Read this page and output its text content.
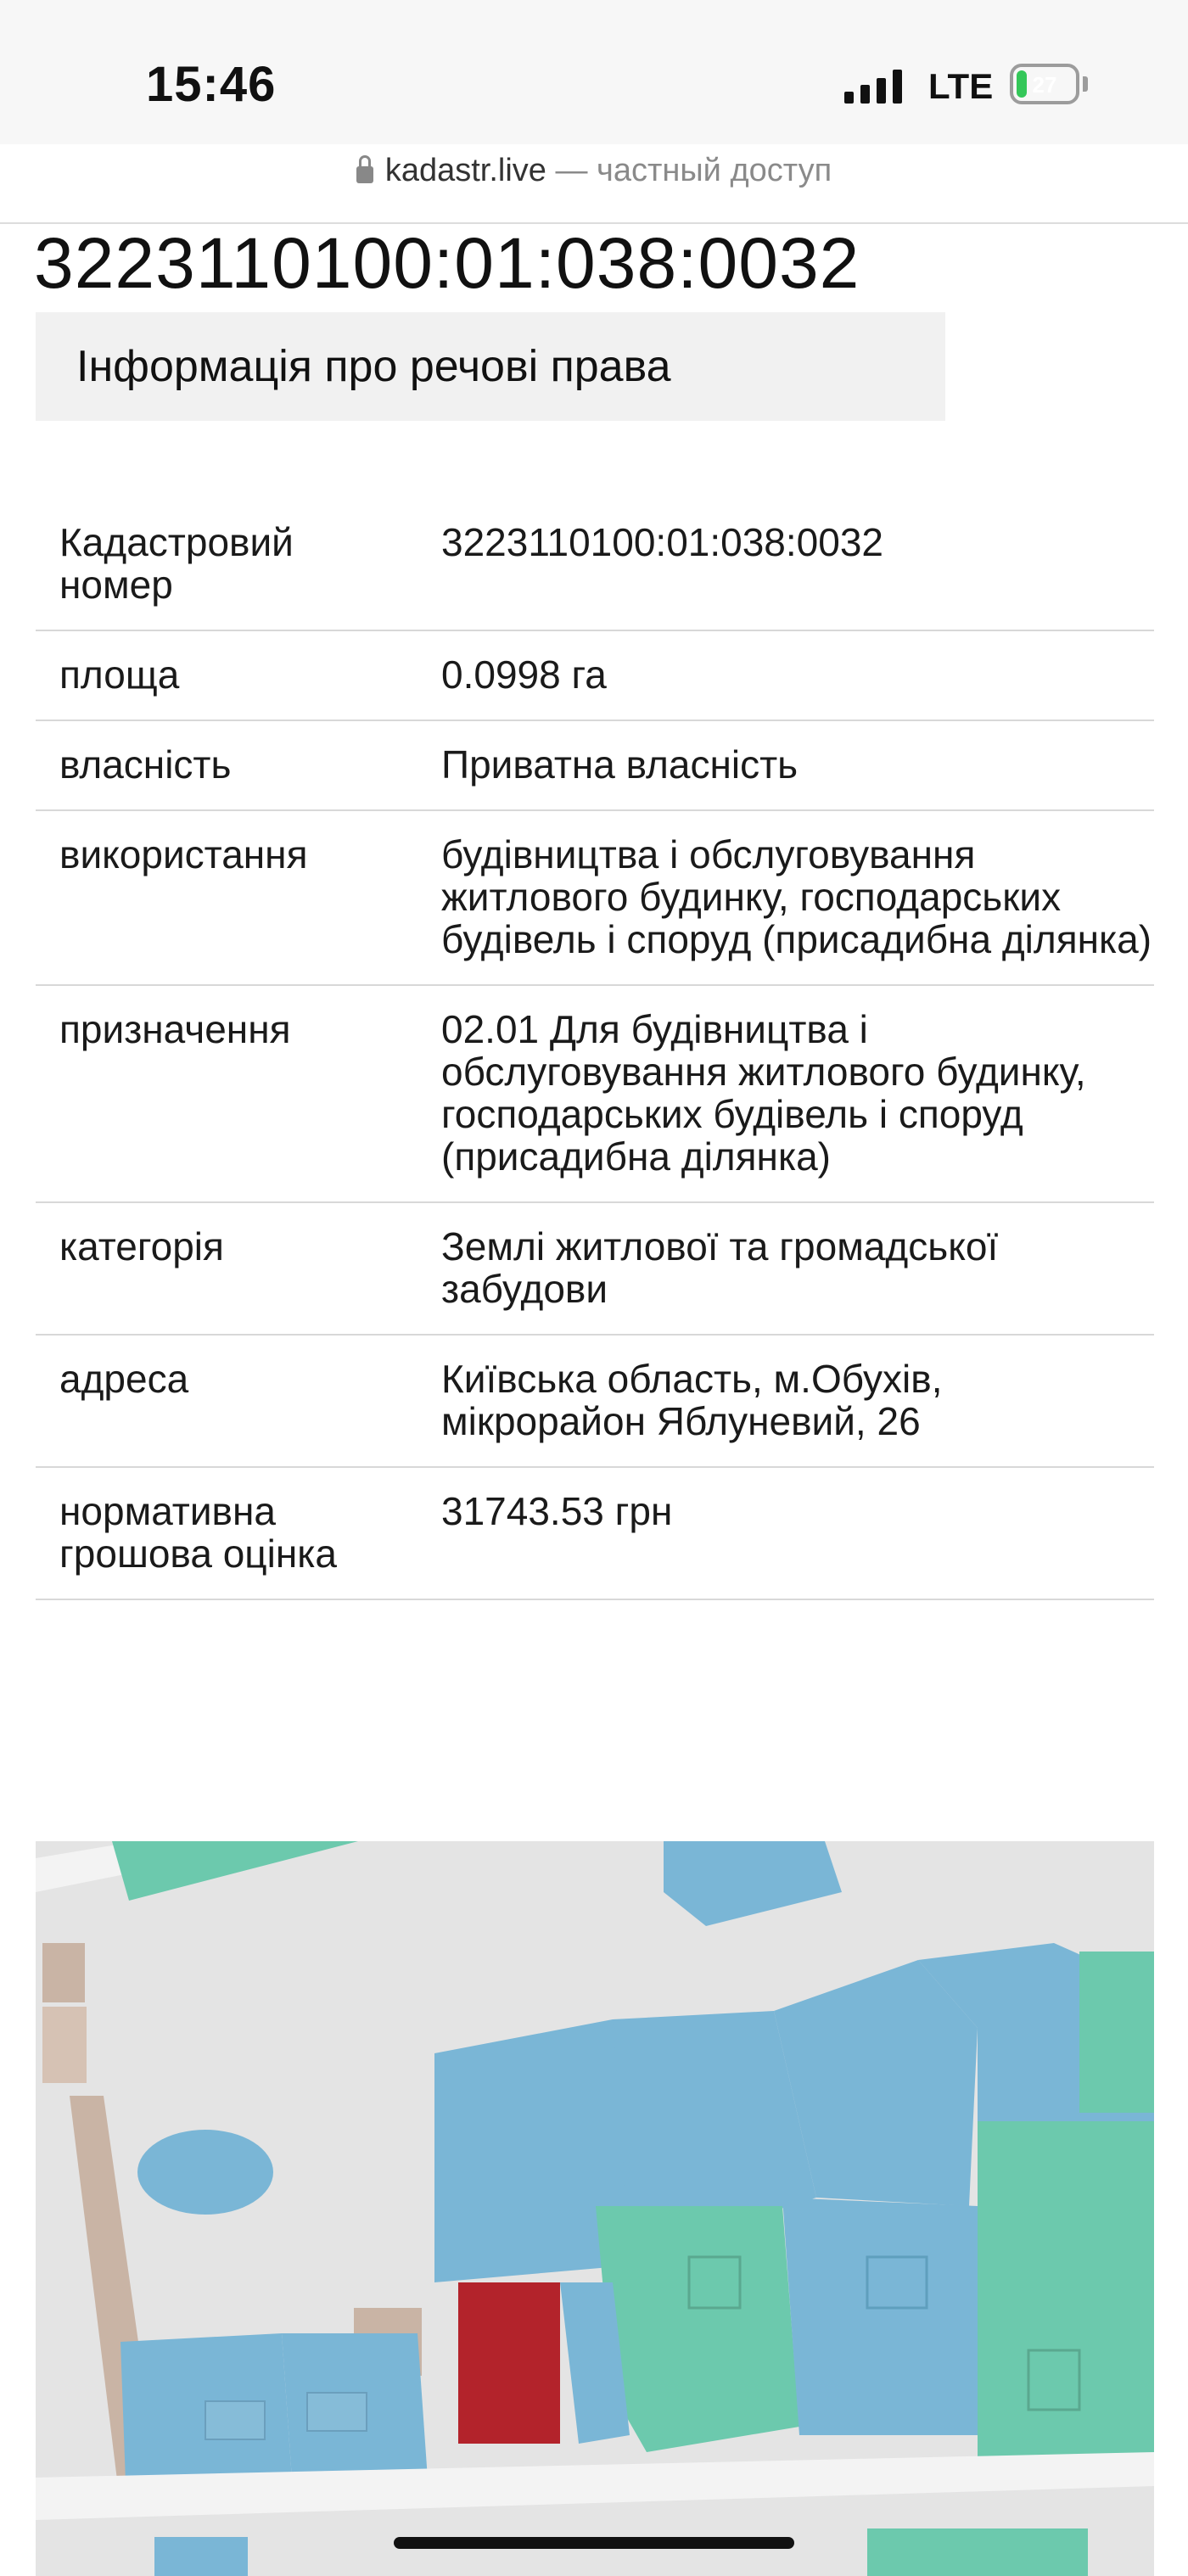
15:46	LTE	27
kadastr.live — частный доступ
3223110100:01:038:0032
Інформація про речові права
Кадастровий номер	3223110100:01:038:0032
площа	0.0998 га
власність	Приватна власність
використання	будівництва і обслуговування житлового будинку, господарських будівель і споруд (присадибна ділянка)
призначення	02.01 Для будівництва і обслуговування житлового будинку, господарських будівель і споруд (присадибна ділянка)
категорія	Землі житлової та громадської забудови
адреса	Київська область, м.Обухів, мікрорайон Яблуневий, 26
нормативна грошова оцінка	31743.53 грн
